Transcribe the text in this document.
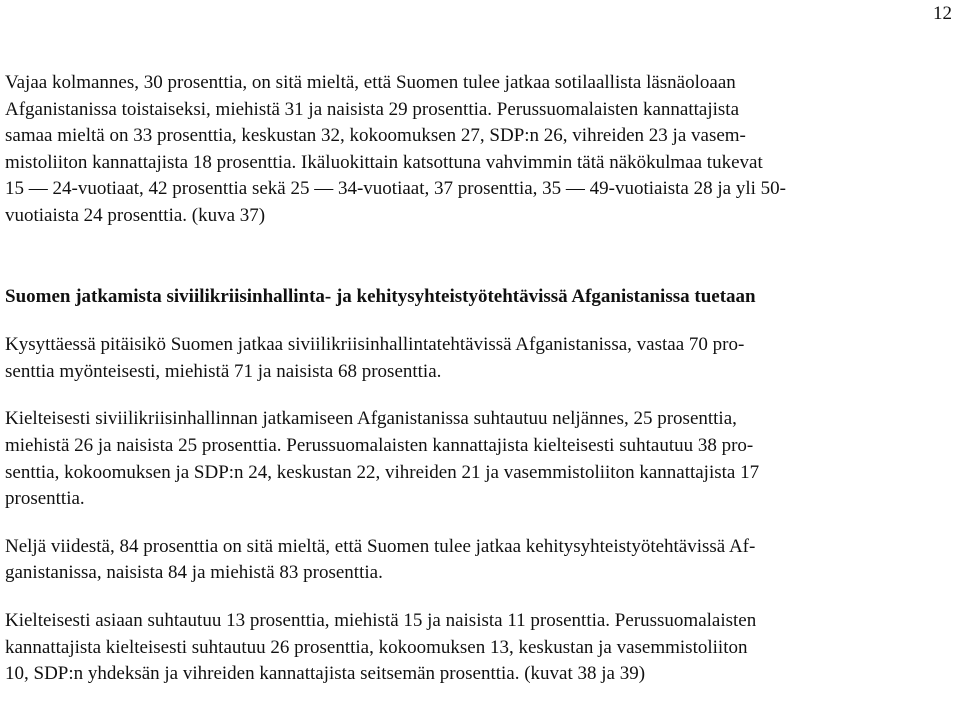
12

Vajaa kolmannes, 30 prosenttia, on sitä mieltä, että Suomen tulee jatkaa sotilaallista läsnäoloaan
Afganistanissa toistaiseksi, miehistä 31 ja naisista 29 prosenttia. Perussuomalaisten kannattajista
samaa mieltä on 33 prosenttia, keskustan 32, kokoomuksen 27, SDP:n 26, vihreiden 23 ja vasem-
mistoliiton kannattajista 18 prosenttia. Ikäluokittain katsottuna vahvimmin tätä näkökulmaa tukevat
15 — 24-vuotiaat, 42 prosenttia sekä 25 — 34-vuotiaat, 37 prosenttia, 35 — 49-vuotiaista 28 ja yli 50-
vuotiaista 24 prosenttia. (kuva 37)

Suomen jatkamista siviilikriisinhallinta- ja kehitysyhteistyötehtävissä Afganistanissa tuetaan

Kysyttäessä pitäisikö Suomen jatkaa siviilikriisinhallintatehtävissä Afganistanissa, vastaa 70 pro-
senttia myönteisesti, miehistä 71 ja naisista 68 prosenttia.

Kielteisesti siviilikriisinhallinnan jatkamiseen Afganistanissa suhtautuu neljännes, 25 prosenttia,
miehistä 26 ja naisista 25 prosenttia. Perussuomalaisten kannattajista kielteisesti suhtautuu 38 pro-
senttia, kokoomuksen ja SDP:n 24, keskustan 22, vihreiden 21 ja vasemmistoliiton kannattajista 17
prosenttia.

Neljä viidestä, 84 prosenttia on sitä mieltä, että Suomen tulee jatkaa kehitysyhteistyötehtävissä Af-
ganistanissa, naisista 84 ja miehistä 83 prosenttia.

Kielteisesti asiaan suhtautuu 13 prosenttia, miehistä 15 ja naisista 11 prosenttia. Perussuomalaisten
kannattajista kielteisesti suhtautuu 26 prosenttia, kokoomuksen 13, keskustan ja vasemmistoliiton
10, SDP:n yhdeksän ja vihreiden kannattajista seitsemän prosenttia. (kuvat 38 ja 39)
